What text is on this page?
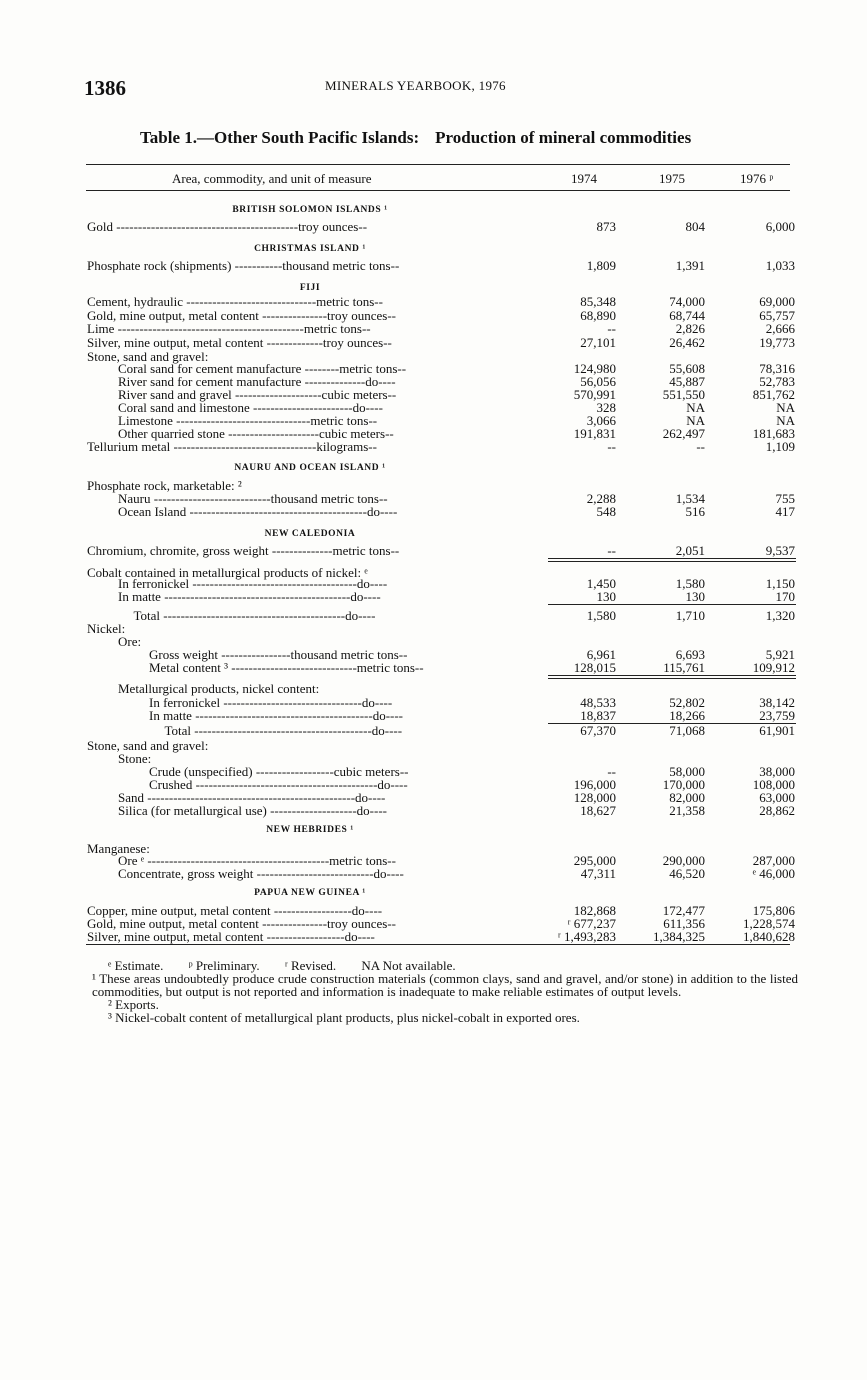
1386	MINERALS YEARBOOK, 1976
Table 1.—Other South Pacific Islands: Production of mineral commodities
Area, commodity, and unit of measure	1974	1975	1976 ᵖ
BRITISH SOLOMON ISLANDS ¹
Gold ------------------------------------------troy ounces--	873	804	6,000
CHRISTMAS ISLAND ¹
Phosphate rock (shipments) -----------thousand metric tons--	1,809	1,391	1,033
FIJI
Cement, hydraulic ------------------------------metric tons--	85,348	74,000	69,000
Gold, mine output, metal content ---------------troy ounces--	68,890	68,744	65,757
Lime -------------------------------------------metric tons--	--	2,826	2,666
Silver, mine output, metal content -------------troy ounces--	27,101	26,462	19,773
Stone, sand and gravel:
Coral sand for cement manufacture --------metric tons--	124,980	55,608	78,316
River sand for cement manufacture --------------do----	56,056	45,887	52,783
River sand and gravel --------------------cubic meters--	570,991	551,550	851,762
Coral sand and limestone -----------------------do----	328	NA	NA
Limestone -------------------------------metric tons--	3,066	NA	NA
Other quarried stone ---------------------cubic meters--	191,831	262,497	181,683
Tellurium metal ---------------------------------kilograms--	--	--	1,109
NAURU AND OCEAN ISLAND ¹
Phosphate rock, marketable: ²
Nauru ---------------------------thousand metric tons--	2,288	1,534	755
Ocean Island -----------------------------------------do----	548	516	417
NEW CALEDONIA
Chromium, chromite, gross weight --------------metric tons--	--	2,051	9,537
Cobalt contained in metallurgical products of nickel: ᵉ
In ferronickel --------------------------------------do----	1,450	1,580	1,150
In matte -------------------------------------------do----	130	130	170
Total ------------------------------------------do----	1,580	1,710	1,320
Nickel:
Ore:
Gross weight ----------------thousand metric tons--	6,961	6,693	5,921
Metal content ³ -----------------------------metric tons--	128,015	115,761	109,912
Metallurgical products, nickel content:
In ferronickel --------------------------------do----	48,533	52,802	38,142
In matte -----------------------------------------do----	18,837	18,266	23,759
Total -----------------------------------------do----	67,370	71,068	61,901
Stone, sand and gravel:
Stone:
Crude (unspecified) ------------------cubic meters--	--	58,000	38,000
Crushed ------------------------------------------do----	196,000	170,000	108,000
Sand ------------------------------------------------do----	128,000	82,000	63,000
Silica (for metallurgical use) --------------------do----	18,627	21,358	28,862
NEW HEBRIDES ¹
Manganese:
Ore ᵉ ------------------------------------------metric tons--	295,000	290,000	287,000
Concentrate, gross weight ---------------------------do----	47,311	46,520	ᵉ 46,000
PAPUA NEW GUINEA ¹
Copper, mine output, metal content ------------------do----	182,868	172,477	175,806
Gold, mine output, metal content ---------------troy ounces--	ʳ 677,237	611,356	1,228,574
Silver, mine output, metal content ------------------do----	ʳ 1,493,283	1,384,325	1,840,628
ᵉ Estimate. ᵖ Preliminary. ʳ Revised. NA Not available.

¹ These areas undoubtedly produce crude construction materials (common clays, sand and gravel, and/or stone) in addition to the listed commodities, but output is not reported and information is inadequate to make reliable estimates of output levels.

² Exports.

³ Nickel-cobalt content of metallurgical plant products, plus nickel-cobalt in exported ores.
